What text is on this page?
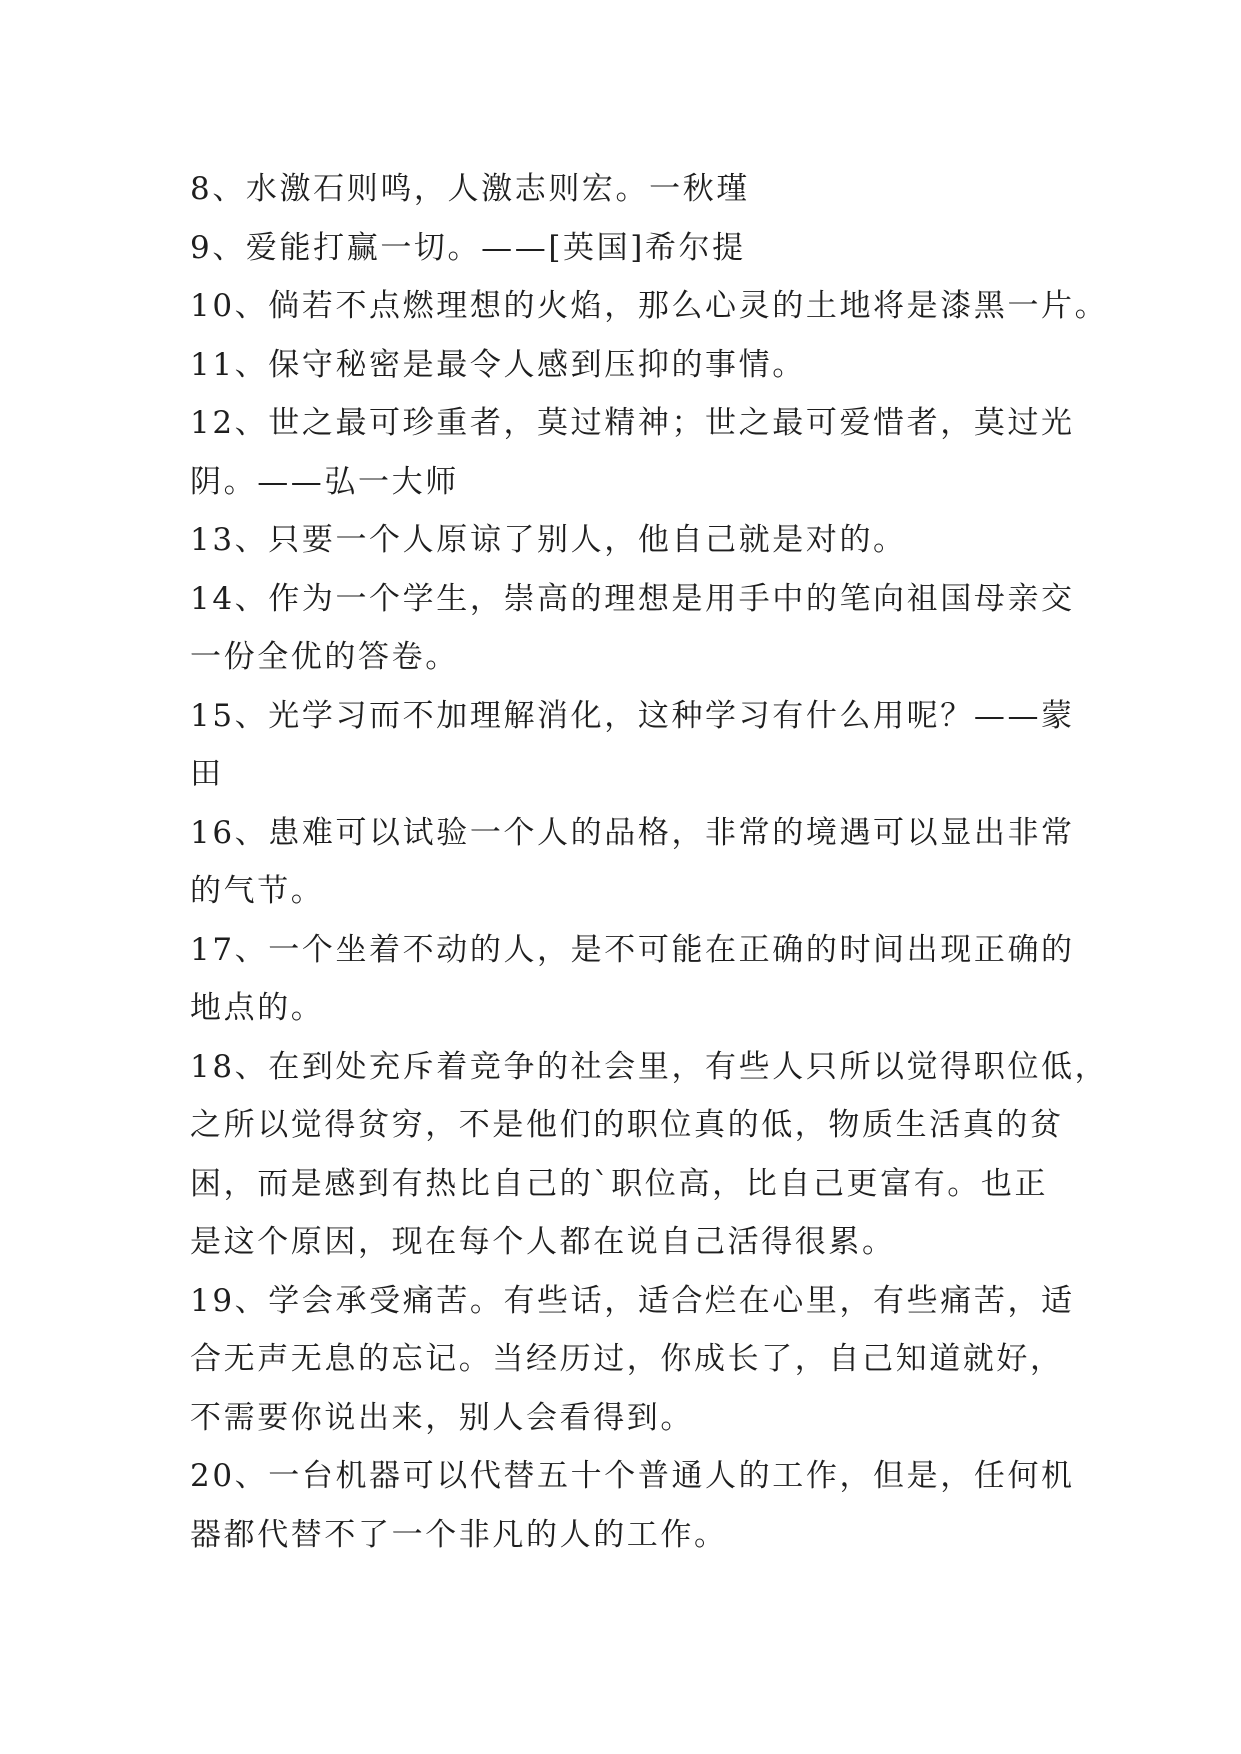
8、水激石则鸣，人激志则宏。一秋瑾
9、爱能打赢一切。——[英国]希尔提
10、倘若不点燃理想的火焰，那么心灵的土地将是漆黑一片。
11、保守秘密是最令人感到压抑的事情。
12、世之最可珍重者，莫过精神；世之最可爱惜者，莫过光
阴。——弘一大师
13、只要一个人原谅了别人，他自己就是对的。
14、作为一个学生，崇高的理想是用手中的笔向祖国母亲交
一份全优的答卷。
15、光学习而不加理解消化，这种学习有什么用呢？——蒙
田
16、患难可以试验一个人的品格，非常的境遇可以显出非常
的气节。
17、一个坐着不动的人，是不可能在正确的时间出现正确的
地点的。
18、在到处充斥着竞争的社会里，有些人只所以觉得职位低，
之所以觉得贫穷，不是他们的职位真的低，物质生活真的贫
困，而是感到有热比自己的`职位高，比自己更富有。也正
是这个原因，现在每个人都在说自己活得很累。
19、学会承受痛苦。有些话，适合烂在心里，有些痛苦，适
合无声无息的忘记。当经历过，你成长了，自己知道就好，
不需要你说出来，别人会看得到。
20、一台机器可以代替五十个普通人的工作，但是，任何机
器都代替不了一个非凡的人的工作。
